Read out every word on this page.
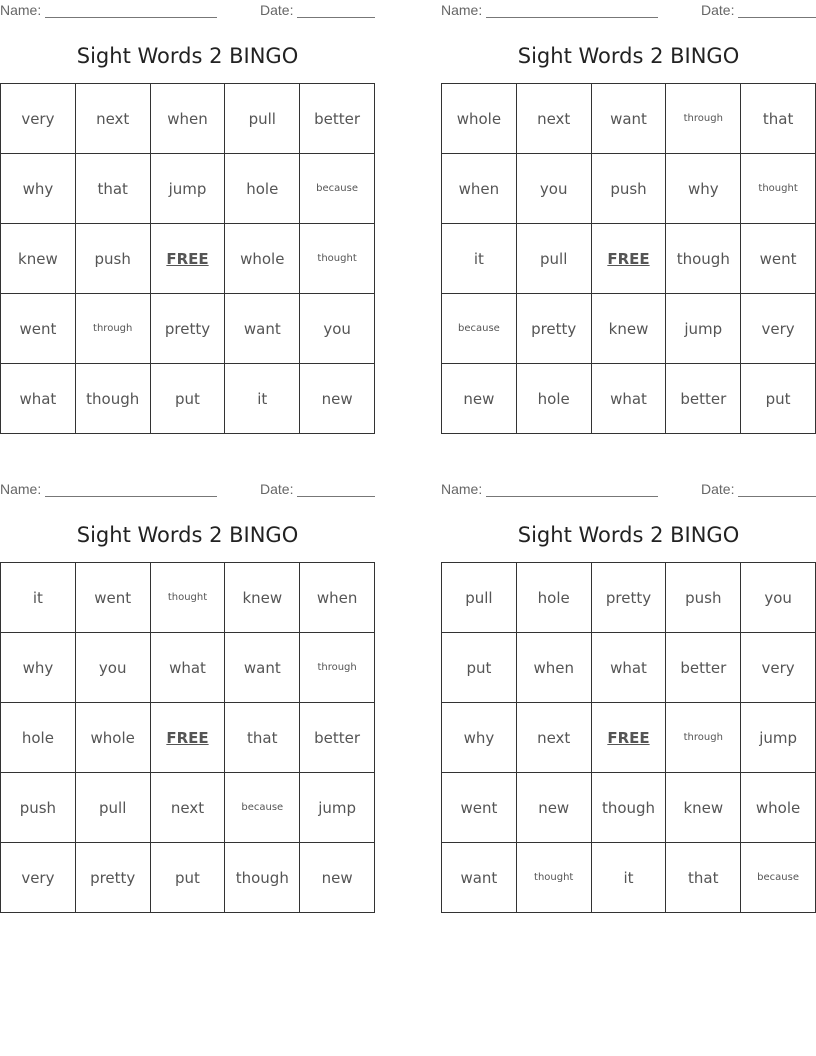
Name:	Date:
Sight Words 2 BINGO
very	next	when	pull	better
why	that	jump	hole	because
knew	push	FREE	whole	thought
went	through	pretty	want	you
what	though	put	it	new
Name:	Date:
Sight Words 2 BINGO
whole	next	want	through	that
when	you	push	why	thought
it	pull	FREE	though	went
because	pretty	knew	jump	very
new	hole	what	better	put
Name:	Date:
Sight Words 2 BINGO
it	went	thought	knew	when
why	you	what	want	through
hole	whole	FREE	that	better
push	pull	next	because	jump
very	pretty	put	though	new
Name:	Date:
Sight Words 2 BINGO
pull	hole	pretty	push	you
put	when	what	better	very
why	next	FREE	through	jump
went	new	though	knew	whole
want	thought	it	that	because
